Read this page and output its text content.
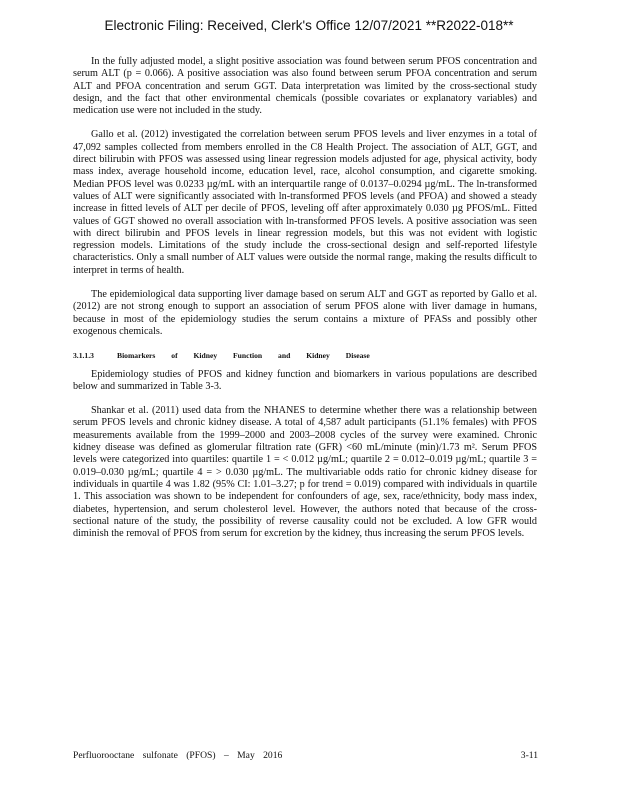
Electronic Filing: Received, Clerk's Office 12/07/2021 **R2022-018**

In the fully adjusted model, a slight positive association was found between serum PFOS concentration and serum ALT (p = 0.066). A positive association was also found between serum PFOA concentration and serum ALT and PFOA concentration and serum GGT. Data interpretation was limited by the cross-sectional study design, and the fact that other environmental chemicals (possible covariates or explanatory variables) and medication use were not included in the study.

Gallo et al. (2012) investigated the correlation between serum PFOS levels and liver enzymes in a total of 47,092 samples collected from members enrolled in the C8 Health Project. The association of ALT, GGT, and direct bilirubin with PFOS was assessed using linear regression models adjusted for age, physical activity, body mass index, average household income, education level, race, alcohol consumption, and cigarette smoking. Median PFOS level was 0.0233 µg/mL with an interquartile range of 0.0137–0.0294 µg/mL. The ln-transformed values of ALT were significantly associated with ln-transformed PFOS levels (and PFOA) and showed a steady increase in fitted levels of ALT per decile of PFOS, leveling off after approximately 0.030 µg PFOS/mL. Fitted values of GGT showed no overall association with ln-transformed PFOS levels. A positive association was seen with direct bilirubin and PFOS levels in linear regression models, but this was not evident with logistic regression models. Limitations of the study include the cross-sectional design and self-reported lifestyle characteristics. Only a small number of ALT values were outside the normal range, making the results difficult to interpret in terms of health.

The epidemiological data supporting liver damage based on serum ALT and GGT as reported by Gallo et al. (2012) are not strong enough to support an association of serum PFOS alone with liver damage in humans, because in most of the epidemiology studies the serum contains a mixture of PFASs and possibly other exogenous chemicals.

3.1.1.3	Biomarkers of Kidney Function and Kidney Disease

Epidemiology studies of PFOS and kidney function and biomarkers in various populations are described below and summarized in Table 3-3.

Shankar et al. (2011) used data from the NHANES to determine whether there was a relationship between serum PFOS levels and chronic kidney disease. A total of 4,587 adult participants (51.1% females) with PFOS measurements available from the 1999–2000 and 2003–2008 cycles of the survey were examined. Chronic kidney disease was defined as glomerular filtration rate (GFR) <60 mL/minute (min)/1.73 m². Serum PFOS levels were categorized into quartiles: quartile 1 = < 0.012 µg/mL; quartile 2 = 0.012–0.019 µg/mL; quartile 3 = 0.019–0.030 µg/mL; quartile 4 = > 0.030 µg/mL. The multivariable odds ratio for chronic kidney disease for individuals in quartile 4 was 1.82 (95% CI: 1.01–3.27; p for trend = 0.019) compared with individuals in quartile 1. This association was shown to be independent for confounders of age, sex, race/ethnicity, body mass index, diabetes, hypertension, and serum cholesterol level. However, the authors noted that because of the cross-sectional nature of the study, the possibility of reverse causality could not be excluded. A low GFR would diminish the removal of PFOS from serum for excretion by the kidney, thus increasing the serum PFOS levels.

Perfluorooctane sulfonate (PFOS) – May 2016	3-11
